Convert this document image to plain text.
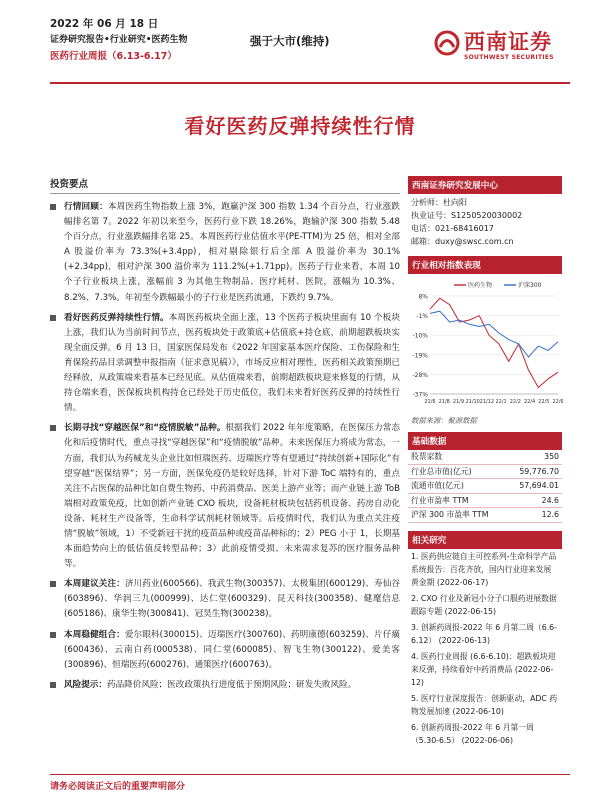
2022 年 06 月 18 日
证券研究报告•行业研究•医药生物
医药行业周报（6.13-6.17）
强于大市(维持)	西南证券
SOUTHWEST SECURITIES
看好医药反弹持续性行情
投资要点
行情回顾：本周医药生物指数上涨 3%，跑赢沪深 300 指数 1.34 个百分点，行业涨跌幅排名第 7。2022 年初以来至今，医药行业下跌 18.26%，跑输沪深 300 指数 5.48 个百分点，行业涨跌幅排名第 25。本周医药行业估值水平(PE-TTM)为 25 倍，相对全部 A 股溢价率为 73.3%(+3.4pp)，相对剔除银行后全部 A 股溢价率为 30.1%(+2.34pp)，相对沪深 300 溢价率为 111.2%(+1.71pp)。医药子行业来看，本周 10 个子行业板块上涨，涨幅前 3 为其他生物制品、医疗耗材、医院，涨幅为 10.3%、8.2%、7.3%。年初至今跌幅最小的子行业是医药流通，下跌约 9.7%。
看好医药反弹持续性行情。本周医药板块全面上涨，13 个医药子板块里面有 10 个板块上涨，我们认为当前时间节点，医药板块处于政策底+估值底+持仓底，前期超跌板块实现全面反弹。6 月 13 日，国家医保局发布《2022 年国家基本医疗保险、工伤保险和生育保险药品目录调整申报指南（征求意见稿）》，市场反应相对理性，医药相关政策预期已经释放，从政策端来看基本已经见底。从估值端来看，前期超跌板块迎来修复的行情，从持仓端来看，医保板块机构持仓已经处于历史低位，我们未来看好医药反弹的持续性行情。
长期寻找“穿越医保”和“疫情脱敏”品种。根据我们 2022 年年度策略，在医保压力常态化和后疫情时代，重点寻找“穿越医保”和“疫情脱敏”品种。未来医保压力将成为常态，一方面，我们认为药械龙头企业比如恒瑞医药、迈瑞医疗等有望通过“持续创新+国际化”有望穿越“医保结界”；另一方面，医保免疫仍是较好选择，针对下游 ToC 端特有的，重点关注不占医保的品种比如自费生物药、中药消费品、医美上游产业等；而产业链上游 ToB 端相对政策免疫，比如创新产业链 CXO 板块，设备耗材板块包括药机设备、药房自动化设备、耗材生产设备等，生命科学试剂耗材领域等。后疫情时代，我们认为重点关注疫情“脱敏”领域，1）不受新冠干扰的疫苗品种或疫苗品种标的；2）PEG 小于 1，长期基本面趋势向上的低估值反转型品种；3）此前疫情受损、未来需求复苏的医疗服务品种等。
本周建议关注：济川药业(600566)、我武生物(300357)、太极集团(600129)、寿仙谷(603896)、华润三九(000999)、达仁堂(600329)、昆天科技(300358)、健麾信息(605186)、康华生物(300841)、冠昊生物(300238)。
本周稳健组合：爱尔眼科(300015)、迈瑞医疗(300760)、药明康德(603259)、片仔癀(600436)、云南白药(000538)、同仁堂(600085)、智飞生物(300122)、爱美客(300896)、恒瑞医药(600276)、通策医疗(600763)。
风险提示：药品降价风险；医改政策执行进度低于预期风险；研发失败风险。
西南证券研究发展中心
分析师：杜向阳
执业证号：S1250520030002
电话：021-68416017
邮箱：duxy@swsc.com.cn
行业相对指数表现
8%
-1%
-10%
-19%
-28%
-37%
21/6 21/8 21/9 21/10 21/12 22/1 22/2 22/4 22/5 22/6
医药生物	沪深300
数据来源：聚源数据
基础数据
股票家数	350
行业总市值(亿元)	59,776.70
流通市值(亿元)	57,694.01
行业市盈率 TTM	24.6
沪深 300 市盈率 TTM	12.6
相关研究
1. 医药供应链自主可控系列-生命科学产品系统报告：百花齐放，国内行业迎来发展黄金期 (2022-06-17)
2. CXO 行业及新冠小分子口服药进展数据跟踪专题 (2022-06-15)
3. 创新药周报-2022 年 6 月第二周（6.6-6.12） (2022-06-13)
4. 医药行业周报 (6.6-6.10)：超跌板块迎来反弹，持续看好中药消费品 (2022-06-12)
5. 医疗行业深度报告：创新驱动，ADC 药物发展加速 (2022-06-10)
6. 创新药周报-2022 年 6 月第一周（5.30-6.5） (2022-06-06)
请务必阅读正文后的重要声明部分
